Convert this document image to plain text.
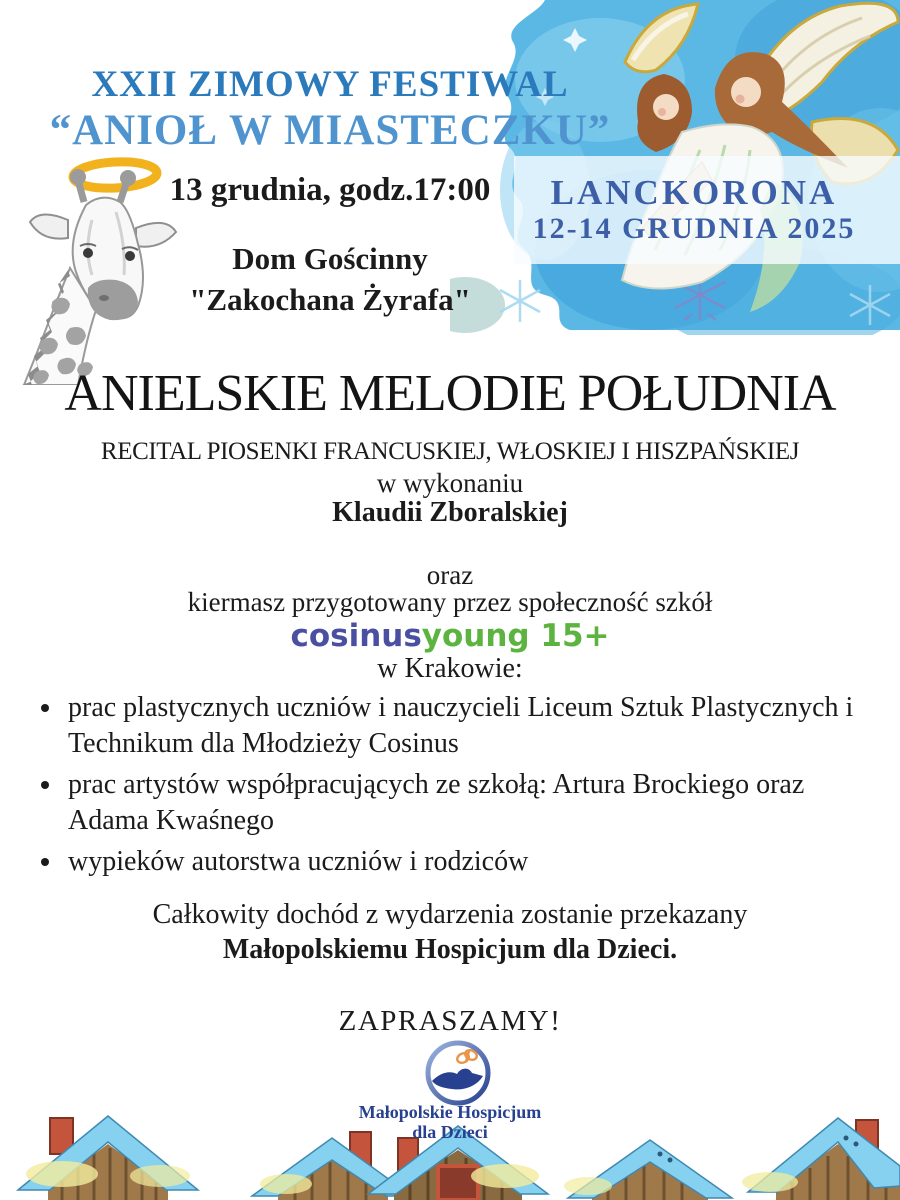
XXII ZIMOWY FESTIWAL
“ANIOŁ W MIASTECZKU”
LANCKORONA
12-14 GRUDNIA 2025
13 grudnia, godz.17:00
Dom Gościnny
"Zakochana Żyrafa"
ANIELSKIE MELODIE POŁUDNIA
RECITAL PIOSENKI FRANCUSKIEJ, WŁOSKIEJ I HISZPAŃSKIEJ
w wykonaniu
Klaudii Zboralskiej
oraz
kiermasz przygotowany przez społeczność szkół
cosinusyoung 15+
w Krakowie:
• prac plastycznych uczniów i nauczycieli Liceum Sztuk Plastycznych i Technikum dla Młodzieży Cosinus
• prac artystów współpracujących ze szkołą: Artura Brockiego oraz Adama Kwaśnego
• wypieków autorstwa uczniów i rodziców
Całkowity dochód z wydarzenia zostanie przekazany
Małopolskiemu Hospicjum dla Dzieci.
ZAPRASZAMY!
Małopolskie Hospicjum
dla Dzieci
